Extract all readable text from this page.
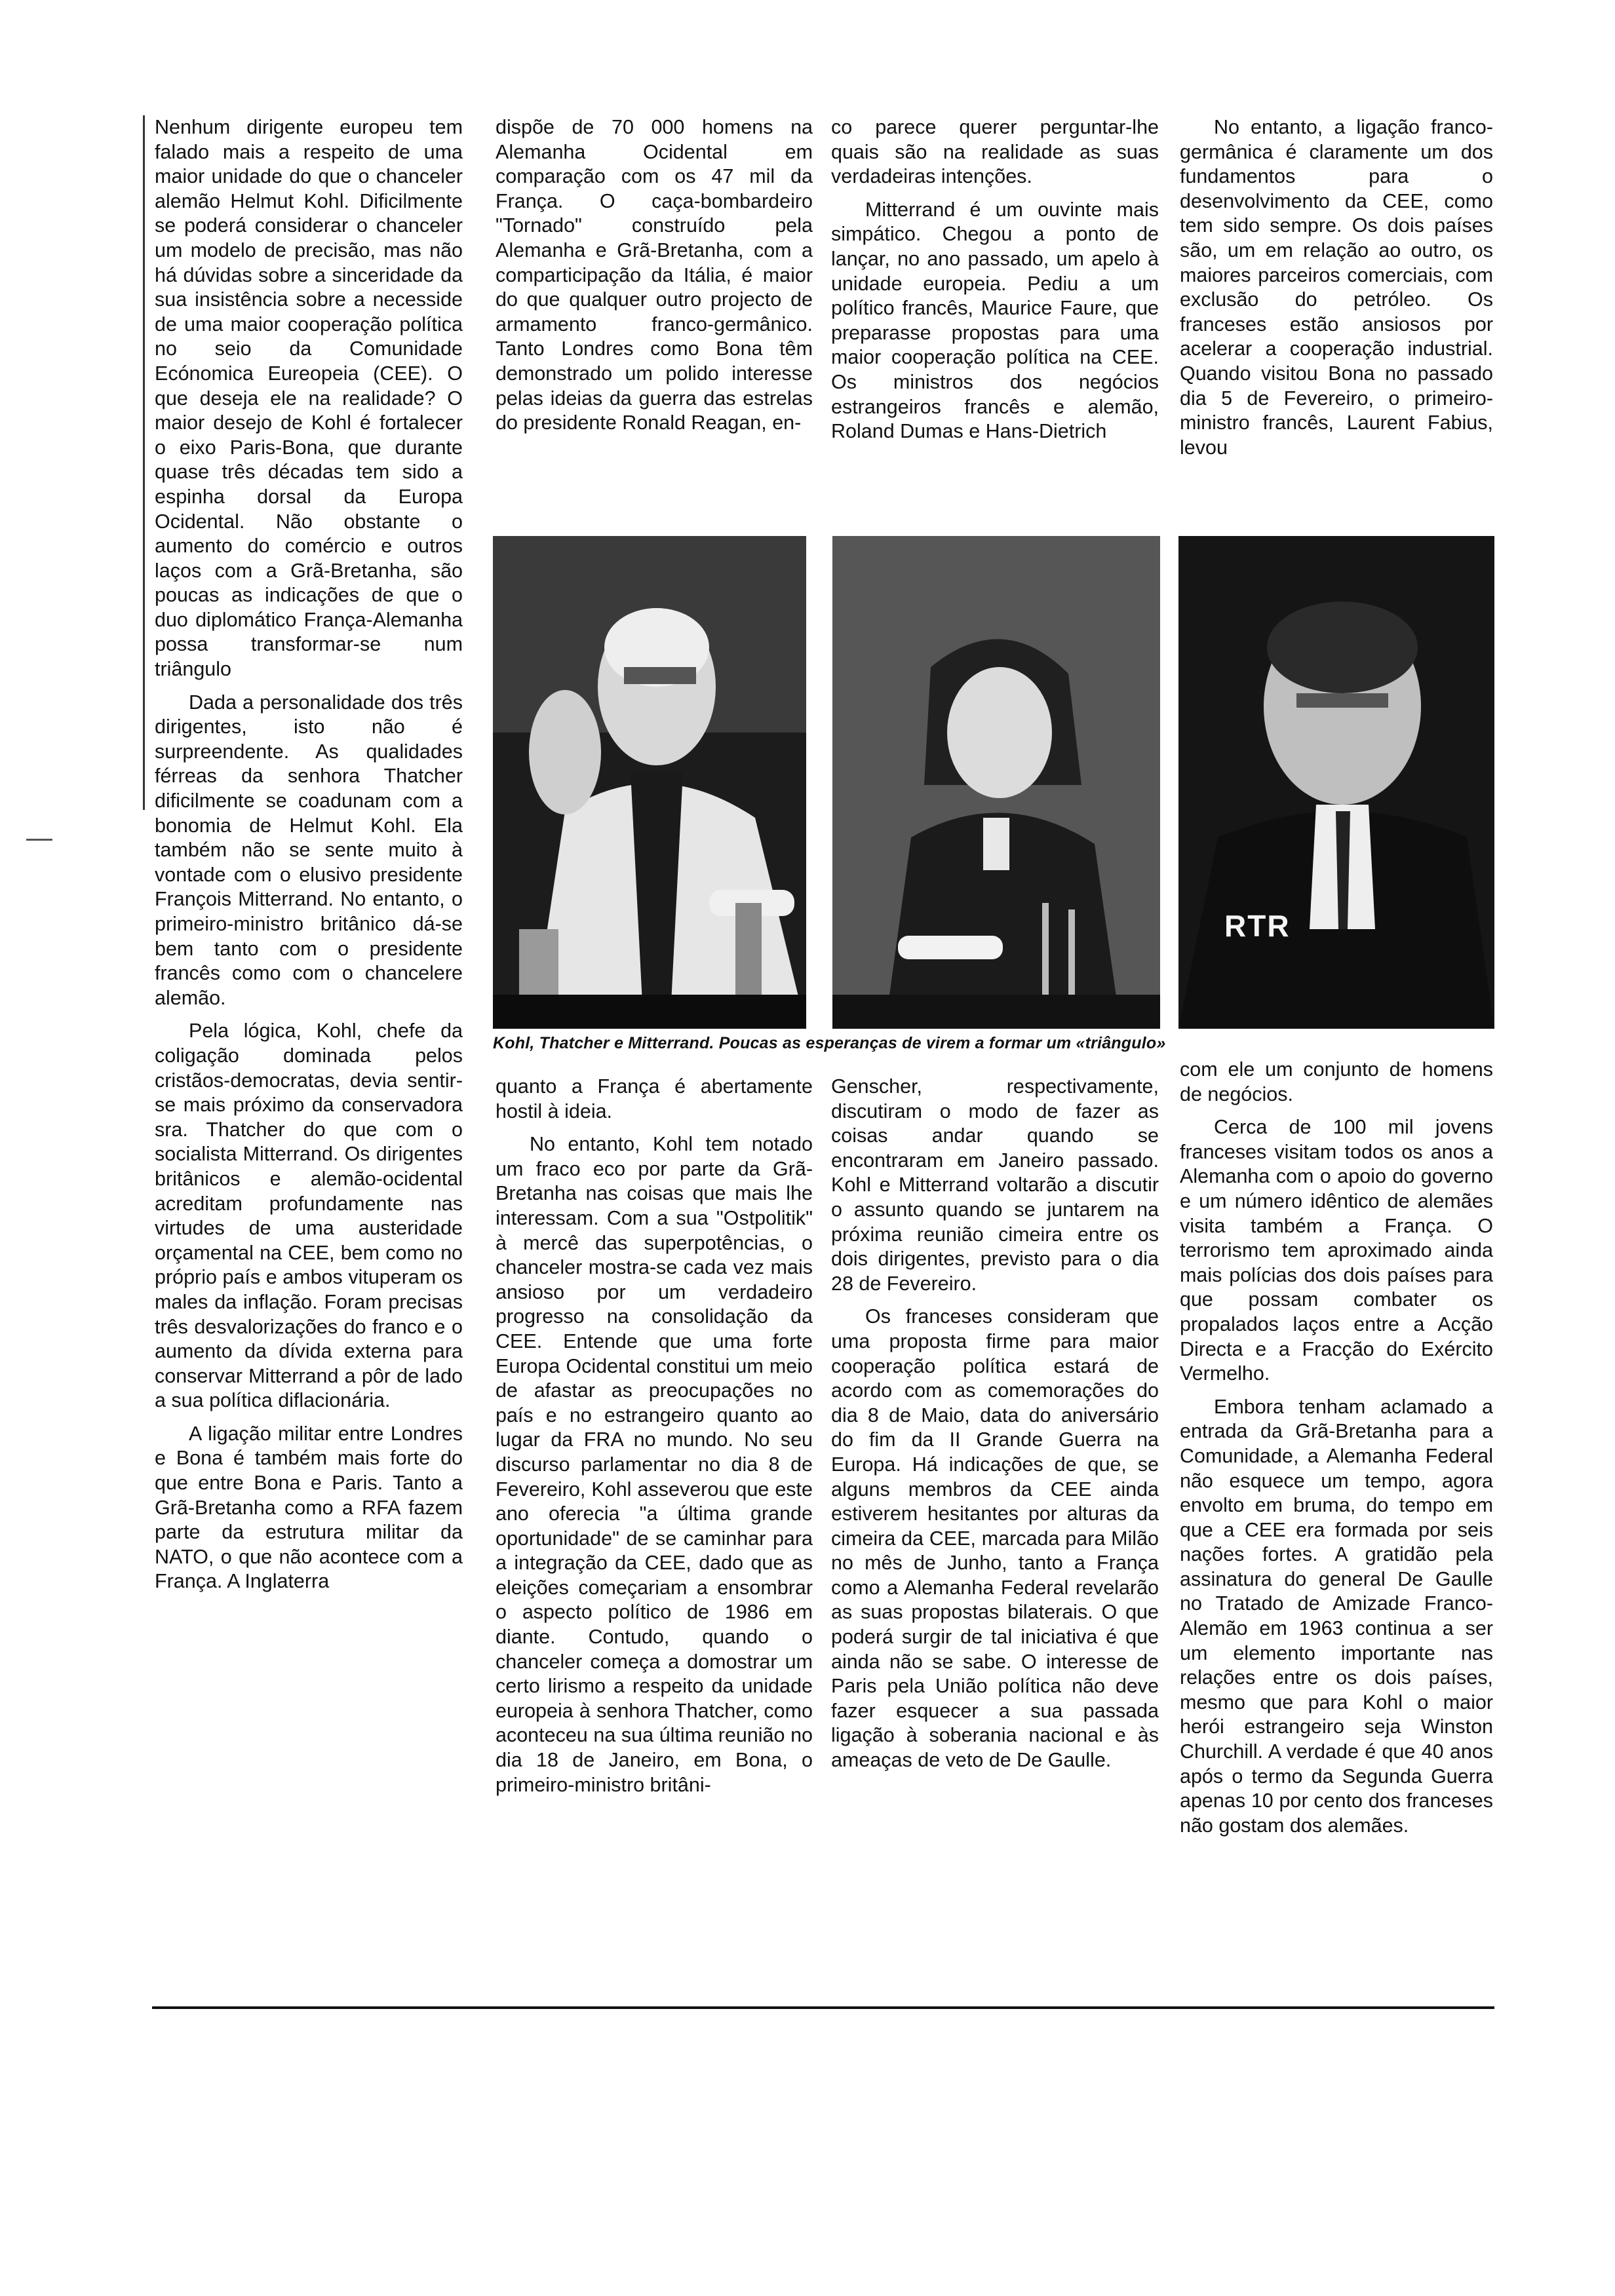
Nenhum dirigente europeu tem falado mais a respeito de uma maior unidade do que o chanceler alemão Helmut Kohl. Dificilmente se poderá considerar o chanceler um modelo de precisão, mas não há dúvidas sobre a sinceridade da sua insistência sobre a necesside de uma maior cooperação política no seio da Comunidade Ecónomica Eureopeia (CEE). O que deseja ele na realidade? O maior desejo de Kohl é fortalecer o eixo Paris-Bona, que durante quase três décadas tem sido a espinha dorsal da Europa Ocidental. Não obstante o aumento do comércio e outros laços com a Grã-Bretanha, são poucas as indicações de que o duo diplomático França-Alemanha possa transformar-se num triângulo

Dada a personalidade dos três dirigentes, isto não é surpreendente. As qualidades férreas da senhora Thatcher dificilmente se coadunam com a bonomia de Helmut Kohl. Ela também não se sente muito à vontade com o elusivo presidente François Mitterrand. No entanto, o primeiro-ministro britânico dá-se bem tanto com o presidente francês como com o chancelere alemão.

Pela lógica, Kohl, chefe da coligação dominada pelos cristãos-democratas, devia sentir-se mais próximo da conservadora sra. Thatcher do que com o socialista Mitterrand. Os dirigentes britânicos e alemão-ocidental acreditam profundamente nas virtudes de uma austeridade orçamental na CEE, bem como no próprio país e ambos vituperam os males da inflação. Foram precisas três desvalorizações do franco e o aumento da dívida externa para conservar Mitterrand a pôr de lado a sua política diflacionária.

A ligação militar entre Londres e Bona é também mais forte do que entre Bona e Paris. Tanto a Grã-Bretanha como a RFA fazem parte da estrutura militar da NATO, o que não acontece com a França. A Inglaterra

dispõe de 70 000 homens na Alemanha Ocidental em comparação com os 47 mil da França. O caça-bombardeiro "Tornado" construído pela Alemanha e Grã-Bretanha, com a comparticipação da Itália, é maior do que qualquer outro projecto de armamento franco-germânico. Tanto Londres como Bona têm demonstrado um polido interesse pelas ideias da guerra das estrelas do presidente Ronald Reagan, en-

co parece querer perguntar-lhe quais são na realidade as suas verdadeiras intenções.

Mitterrand é um ouvinte mais simpático. Chegou a ponto de lançar, no ano passado, um apelo à unidade europeia. Pediu a um político francês, Maurice Faure, que preparasse propostas para uma maior cooperação política na CEE. Os ministros dos negócios estrangeiros francês e alemão, Roland Dumas e Hans-Dietrich

No entanto, a ligação franco-germânica é claramente um dos fundamentos para o desenvolvimento da CEE, como tem sido sempre. Os dois países são, um em relação ao outro, os maiores parceiros comerciais, com exclusão do petróleo. Os franceses estão ansiosos por acelerar a cooperação industrial. Quando visitou Bona no passado dia 5 de Fevereiro, o primeiro-ministro francês, Laurent Fabius, levou

RTR
Kohl, Thatcher e Mitterrand. Poucas as esperanças de virem a formar um «triângulo»

quanto a França é abertamente hostil à ideia.

No entanto, Kohl tem notado um fraco eco por parte da Grã-Bretanha nas coisas que mais lhe interessam. Com a sua "Ostpolitik" à mercê das superpotências, o chanceler mostra-se cada vez mais ansioso por um verdadeiro progresso na consolidação da CEE. Entende que uma forte Europa Ocidental constitui um meio de afastar as preocupações no país e no estrangeiro quanto ao lugar da FRA no mundo. No seu discurso parlamentar no dia 8 de Fevereiro, Kohl asseverou que este ano oferecia "a última grande oportunidade" de se caminhar para a integração da CEE, dado que as eleições começariam a ensombrar o aspecto político de 1986 em diante. Contudo, quando o chanceler começa a domostrar um certo lirismo a respeito da unidade europeia à senhora Thatcher, como aconteceu na sua última reunião no dia 18 de Janeiro, em Bona, o primeiro-ministro britâni-

Genscher, respectivamente, discutiram o modo de fazer as coisas andar quando se encontraram em Janeiro passado. Kohl e Mitterrand voltarão a discutir o assunto quando se juntarem na próxima reunião cimeira entre os dois dirigentes, previsto para o dia 28 de Fevereiro.

Os franceses consideram que uma proposta firme para maior cooperação política estará de acordo com as comemorações do dia 8 de Maio, data do aniversário do fim da II Grande Guerra na Europa. Há indicações de que, se alguns membros da CEE ainda estiverem hesitantes por alturas da cimeira da CEE, marcada para Milão no mês de Junho, tanto a França como a Alemanha Federal revelarão as suas propostas bilaterais. O que poderá surgir de tal iniciativa é que ainda não se sabe. O interesse de Paris pela União política não deve fazer esquecer a sua passada ligação à soberania nacional e às ameaças de veto de De Gaulle.

com ele um conjunto de homens de negócios.

Cerca de 100 mil jovens franceses visitam todos os anos a Alemanha com o apoio do governo e um número idêntico de alemães visita também a França. O terrorismo tem aproximado ainda mais polícias dos dois países para que possam combater os propalados laços entre a Acção Directa e a Fracção do Exército Vermelho.

Embora tenham aclamado a entrada da Grã-Bretanha para a Comunidade, a Alemanha Federal não esquece um tempo, agora envolto em bruma, do tempo em que a CEE era formada por seis nações fortes. A gratidão pela assinatura do general De Gaulle no Tratado de Amizade Franco-Alemão em 1963 continua a ser um elemento importante nas relações entre os dois países, mesmo que para Kohl o maior herói estrangeiro seja Winston Churchill. A verdade é que 40 anos após o termo da Segunda Guerra apenas 10 por cento dos franceses não gostam dos alemães.
